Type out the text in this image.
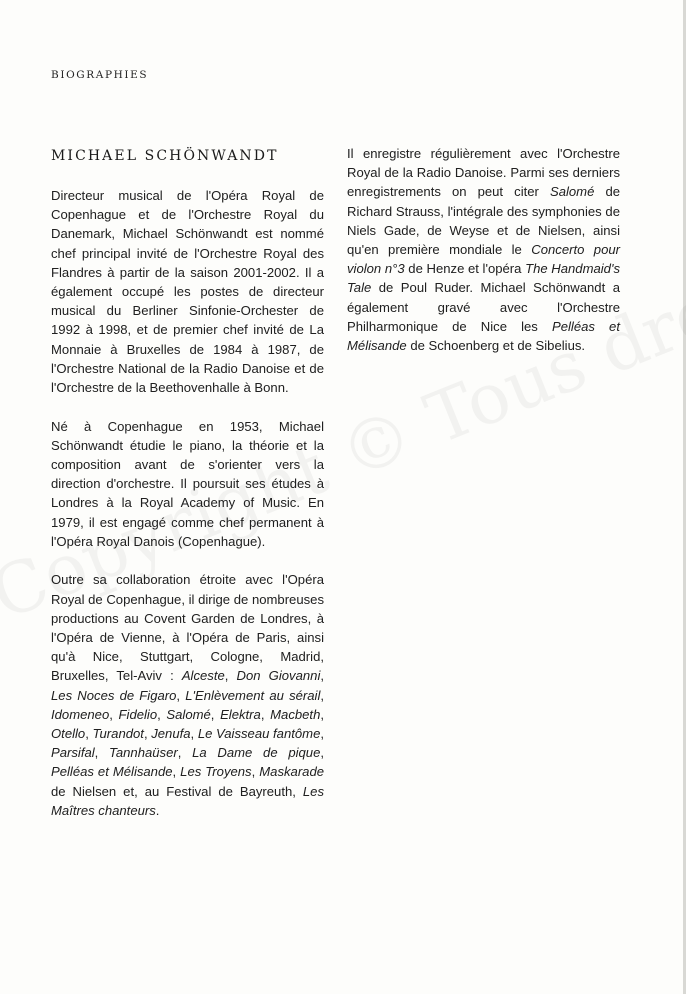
BIOGRAPHIES
MICHAEL SCHÖNWANDT

Directeur musical de l'Opéra Royal de Copenhague et de l'Orchestre Royal du Danemark, Michael Schönwandt est nommé chef principal invité de l'Orchestre Royal des Flandres à partir de la saison 2001-2002. Il a également occupé les postes de directeur musical du Berliner Sinfonie-Orchester de 1992 à 1998, et de premier chef invité de La Monnaie à Bruxelles de 1984 à 1987, de l'Orchestre National de la Radio Danoise et de l'Orchestre de la Beethovenhalle à Bonn.

Né à Copenhague en 1953, Michael Schönwandt étudie le piano, la théorie et la composition avant de s'orienter vers la direction d'orchestre. Il poursuit ses études à Londres à la Royal Academy of Music. En 1979, il est engagé comme chef permanent à l'Opéra Royal Danois (Copenhague).

Outre sa collaboration étroite avec l'Opéra Royal de Copenhague, il dirige de nombreuses productions au Covent Garden de Londres, à l'Opéra de Vienne, à l'Opéra de Paris, ainsi qu'à Nice, Stuttgart, Cologne, Madrid, Bruxelles, Tel-Aviv : Alceste, Don Giovanni, Les Noces de Figaro, L'Enlèvement au sérail, Idomeneo, Fidelio, Salomé, Elektra, Macbeth, Otello, Turandot, Jenufa, Le Vaisseau fantôme, Parsifal, Tannhaüser, La Dame de pique, Pelléas et Mélisande, Les Troyens, Maskarade de Nielsen et, au Festival de Bayreuth, Les Maîtres chanteurs.

Il enregistre régulièrement avec l'Orchestre Royal de la Radio Danoise. Parmi ses derniers enregistrements on peut citer Salomé de Richard Strauss, l'intégrale des symphonies de Niels Gade, de Weyse et de Nielsen, ainsi qu'en première mondiale le Concerto pour violon n°3 de Henze et l'opéra The Handmaid's Tale de Poul Ruder. Michael Schönwandt a également gravé avec l'Orchestre Philharmonique de Nice les Pelléas et Mélisande de Schoenberg et de Sibelius.
